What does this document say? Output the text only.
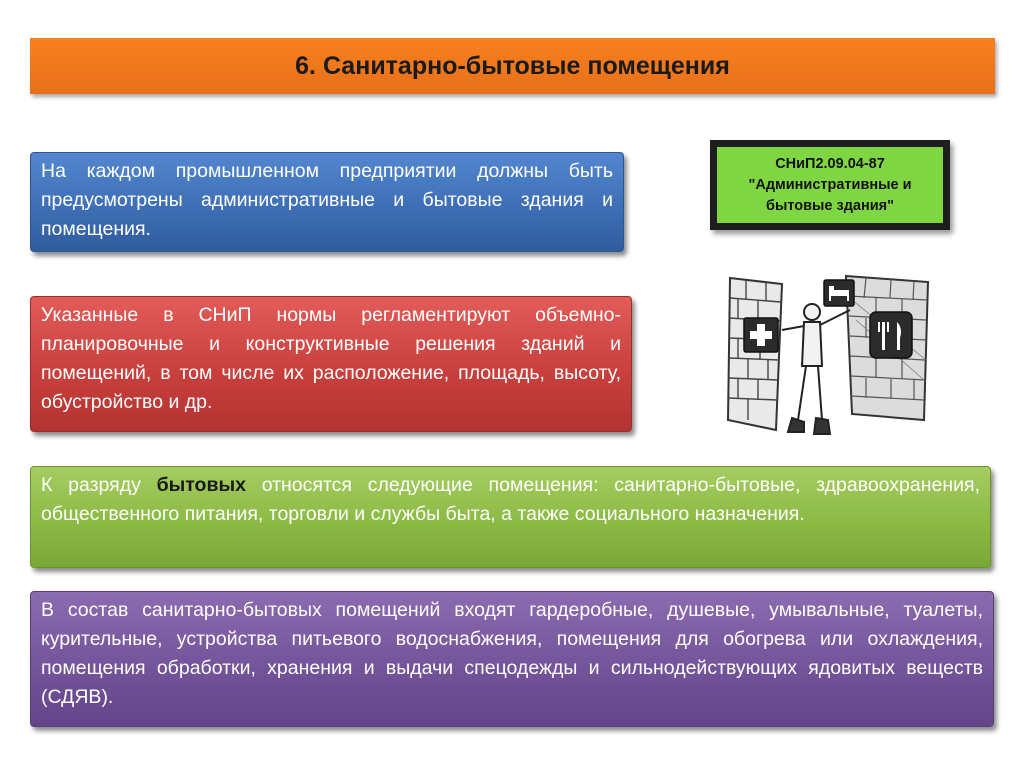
6. Санитарно-бытовые помещения
На каждом промышленном предприятии должны быть предусмотрены административные и бытовые здания и помещения.
Указанные в СНиП нормы регламентируют объемно-планировочные и конструктивные решения зданий и помещений, в том числе их расположение, площадь, высоту, обустройство и др.
К разряду бытовых относятся следующие помещения: санитарно-бытовые, здравоохранения, общественного питания, торговли и службы быта, а также социального назначения.
В состав санитарно-бытовых помещений входят гардеробные, душевые, умывальные, туалеты, курительные, устройства питьевого водоснабжения, помещения для обогрева или охлаждения, помещения обработки, хранения и выдачи спецодежды и сильнодействующих ядовитых веществ (СДЯВ).
СНиП2.09.04-87
"Административные и
бытовые здания"
